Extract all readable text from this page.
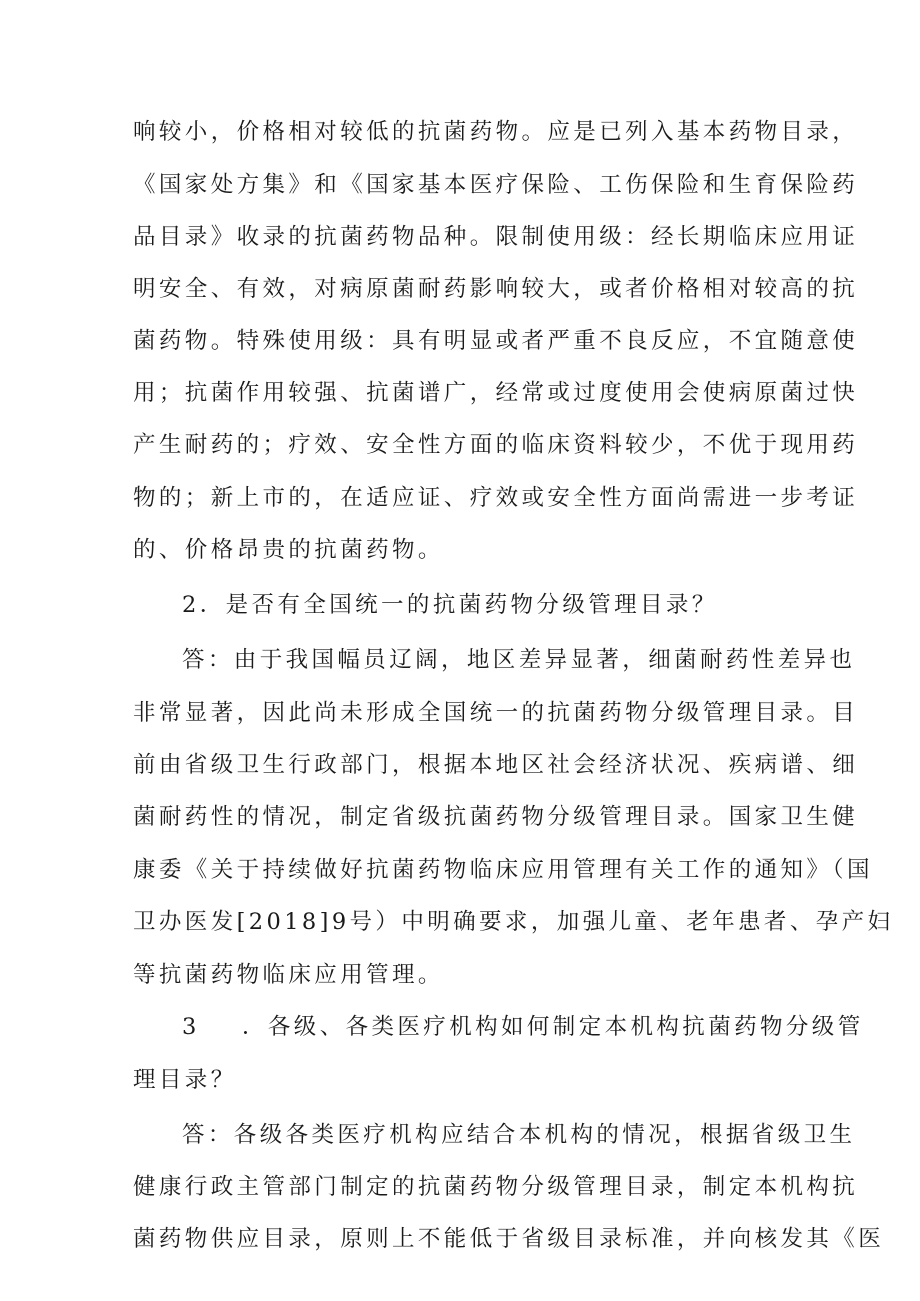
响较小，价格相对较低的抗菌药物。应是已列入基本药物目录，
《国家处方集》和《国家基本医疗保险、工伤保险和生育保险药
品目录》收录的抗菌药物品种。限制使用级：经长期临床应用证
明安全、有效，对病原菌耐药影响较大，或者价格相对较高的抗
菌药物。特殊使用级：具有明显或者严重不良反应，不宜随意使
用；抗菌作用较强、抗菌谱广，经常或过度使用会使病原菌过快
产生耐药的；疗效、安全性方面的临床资料较少，不优于现用药
物的；新上市的，在适应证、疗效或安全性方面尚需进一步考证
的、价格昂贵的抗菌药物。
2．是否有全国统一的抗菌药物分级管理目录？
答：由于我国幅员辽阔，地区差异显著，细菌耐药性差异也
非常显著，因此尚未形成全国统一的抗菌药物分级管理目录。目
前由省级卫生行政部门，根据本地区社会经济状况、疾病谱、细
菌耐药性的情况，制定省级抗菌药物分级管理目录。国家卫生健
康委《关于持续做好抗菌药物临床应用管理有关工作的通知》（国
卫办医发[2018]9号）中明确要求，加强儿童、老年患者、孕产妇
等抗菌药物临床应用管理。
3	．各级、各类医疗机构如何制定本机构抗菌药物分级管
理目录？
答：各级各类医疗机构应结合本机构的情况，根据省级卫生
健康行政主管部门制定的抗菌药物分级管理目录，制定本机构抗
菌药物供应目录，原则上不能低于省级目录标准，并向核发其《医
